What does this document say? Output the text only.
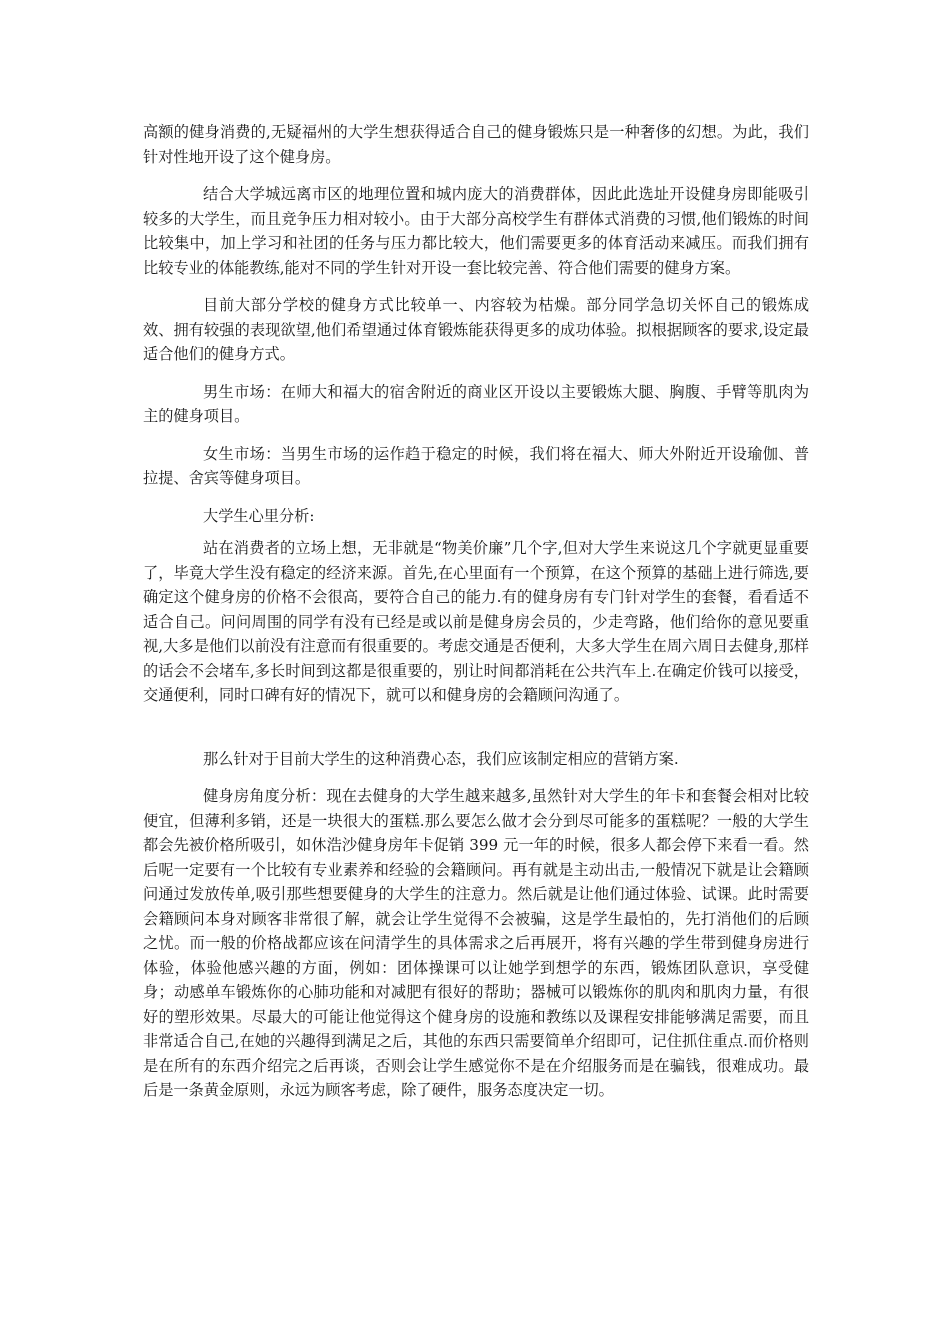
高额的健身消费的,无疑福州的大学生想获得适合自己的健身锻炼只是一种奢侈的幻想。为此，我们针对性地开设了这个健身房。

结合大学城远离市区的地理位置和城内庞大的消费群体，因此此选址开设健身房即能吸引较多的大学生，而且竞争压力相对较小。由于大部分高校学生有群体式消费的习惯,他们锻炼的时间比较集中，加上学习和社团的任务与压力都比较大，他们需要更多的体育活动来减压。而我们拥有比较专业的体能教练,能对不同的学生针对开设一套比较完善、符合他们需要的健身方案。

目前大部分学校的健身方式比较单一、内容较为枯燥。部分同学急切关怀自己的锻炼成效、拥有较强的表现欲望,他们希望通过体育锻炼能获得更多的成功体验。拟根据顾客的要求,设定最适合他们的健身方式。

男生市场：在师大和福大的宿舍附近的商业区开设以主要锻炼大腿、胸腹、手臂等肌肉为主的健身项目。

女生市场：当男生市场的运作趋于稳定的时候，我们将在福大、师大外附近开设瑜伽、普拉提、舍宾等健身项目。

大学生心里分析:

站在消费者的立场上想，无非就是“物美价廉”几个字,但对大学生来说这几个字就更显重要了，毕竟大学生没有稳定的经济来源。首先,在心里面有一个预算，在这个预算的基础上进行筛选,要确定这个健身房的价格不会很高，要符合自己的能力.有的健身房有专门针对学生的套餐，看看适不适合自己。问问周围的同学有没有已经是或以前是健身房会员的，少走弯路，他们给你的意见要重视,大多是他们以前没有注意而有很重要的。考虑交通是否便利，大多大学生在周六周日去健身,那样的话会不会堵车,多长时间到这都是很重要的，别让时间都消耗在公共汽车上.在确定价钱可以接受，交通便利，同时口碑有好的情况下，就可以和健身房的会籍顾问沟通了。

那么针对于目前大学生的这种消费心态，我们应该制定相应的营销方案.

健身房角度分析：现在去健身的大学生越来越多,虽然针对大学生的年卡和套餐会相对比较便宜，但薄利多销，还是一块很大的蛋糕.那么要怎么做才会分到尽可能多的蛋糕呢？一般的大学生都会先被价格所吸引，如休浩沙健身房年卡促销 399 元一年的时候，很多人都会停下来看一看。然后呢一定要有一个比较有专业素养和经验的会籍顾问。再有就是主动出击,一般情况下就是让会籍顾问通过发放传单,吸引那些想要健身的大学生的注意力。然后就是让他们通过体验、试课。此时需要会籍顾问本身对顾客非常很了解，就会让学生觉得不会被骗，这是学生最怕的，先打消他们的后顾之忧。而一般的价格战都应该在问清学生的具体需求之后再展开，将有兴趣的学生带到健身房进行体验，体验他感兴趣的方面，例如：团体操课可以让她学到想学的东西，锻炼团队意识，享受健身；动感单车锻炼你的心肺功能和对减肥有很好的帮助；器械可以锻炼你的肌肉和肌肉力量，有很好的塑形效果。尽最大的可能让他觉得这个健身房的设施和教练以及课程安排能够满足需要，而且非常适合自己,在她的兴趣得到满足之后，其他的东西只需要简单介绍即可，记住抓住重点.而价格则是在所有的东西介绍完之后再谈，否则会让学生感觉你不是在介绍服务而是在骗钱，很难成功。最后是一条黄金原则，永远为顾客考虑，除了硬件，服务态度决定一切。
